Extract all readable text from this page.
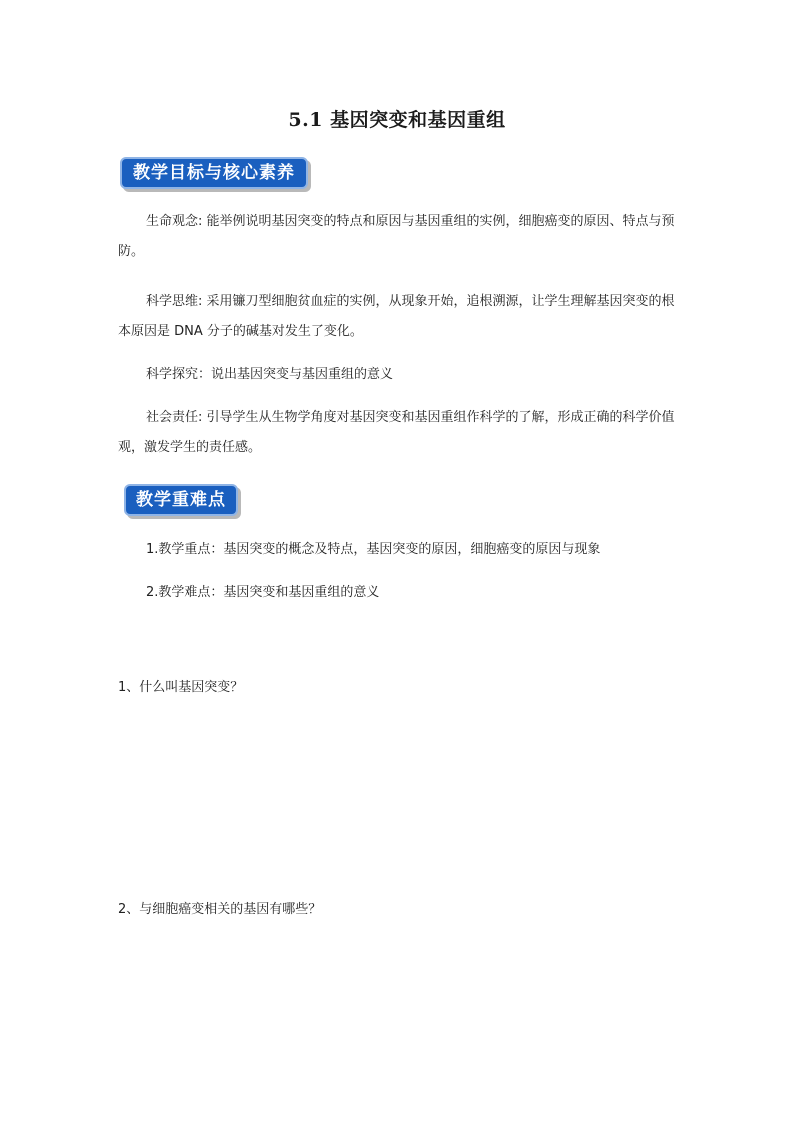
5.1 基因突变和基因重组
教学目标与核心素养
生命观念: 能举例说明基因突变的特点和原因与基因重组的实例，细胞癌变的原因、特点与预防。
科学思维: 采用镰刀型细胞贫血症的实例，从现象开始，追根溯源，让学生理解基因突变的根本原因是 DNA 分子的碱基对发生了变化。
科学探究：说出基因突变与基因重组的意义
社会责任: 引导学生从生物学角度对基因突变和基因重组作科学的了解，形成正确的科学价值观，激发学生的责任感。
教学重难点
1.教学重点：基因突变的概念及特点，基因突变的原因，细胞癌变的原因与现象
2.教学难点：基因突变和基因重组的意义
1、什么叫基因突变？
2、与细胞癌变相关的基因有哪些？
